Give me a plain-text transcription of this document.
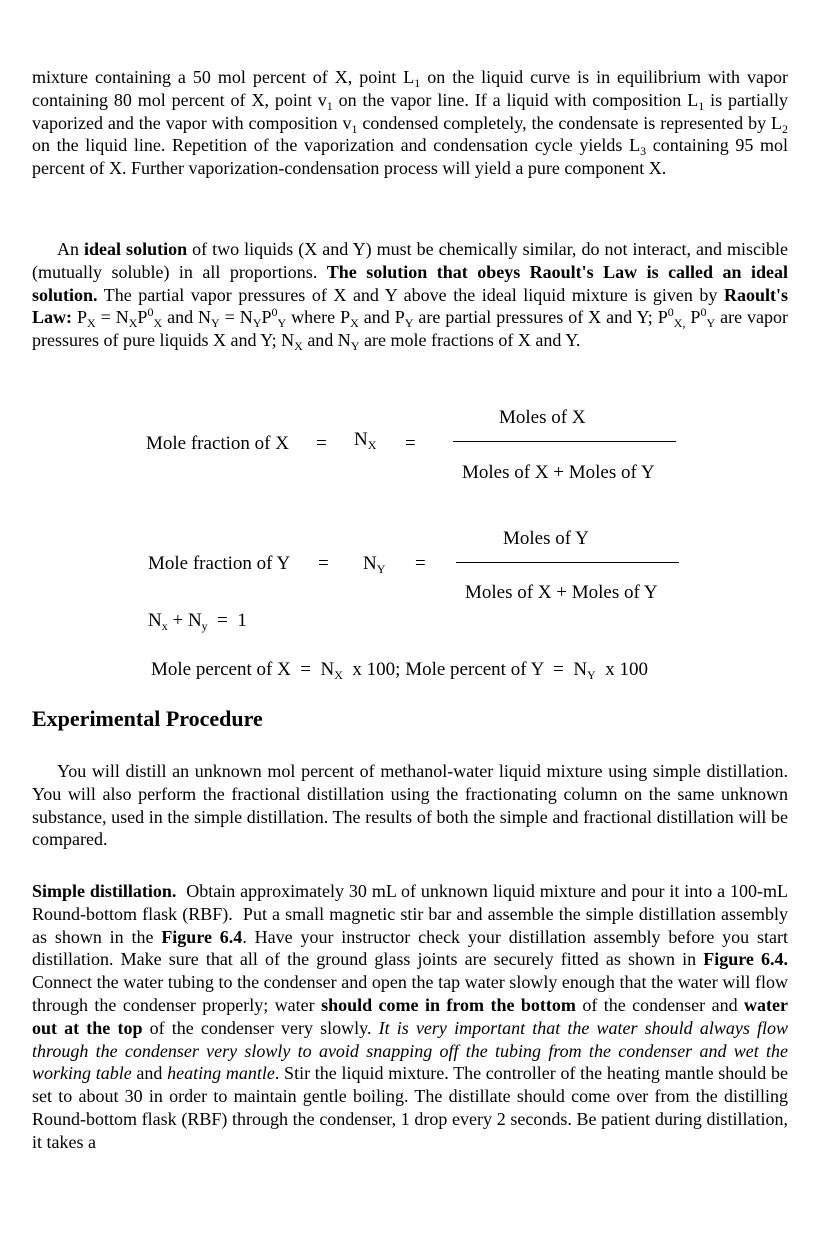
mixture containing a 50 mol percent of X, point $L_1$ on the liquid curve is in equilibrium with vapor containing 80 mol percent of X, point $v_1$ on the vapor line. If a liquid with composition $L_1$ is partially vaporized and the vapor with composition $v_1$ condensed completely, the condensate is represented by $L_2$ on the liquid line. Repetition of the vaporization and condensation cycle yields $L_3$ containing 95 mol percent of X. Further vaporization-condensation process will yield a pure component X.

An ideal solution of two liquids (X and Y) must be chemically similar, do not interact, and miscible (mutually soluble) in all proportions. The solution that obeys Raoult's Law is called an ideal solution. The partial vapor pressures of X and Y above the ideal liquid mixture is given by Raoult's Law: $P_X = N_XP^0_X$ and $N_Y = N_YP^0_Y$ where $P_X$ and $P_Y$ are partial pressures of X and Y; $P^0_{X,}$ $P^0_Y$ are vapor pressures of pure liquids X and Y; $N_X$ and $N_Y$ are mole fractions of X and Y.

Mole fraction of $X = N_X$ =
Moles of X
Moles of X + Moles of Y
Mole fraction of $Y = N_Y$ =
Moles of Y
Moles of X + Moles of Y
$N_x + N_y = 1$
Mole percent of $X = N_X$  x 100; Mole percent of $Y = N_Y$  x 100
Experimental Procedure

You will distill an unknown mol percent of methanol-water liquid mixture using simple distillation. You will also perform the fractional distillation using the fractionating column on the same unknown substance, used in the simple distillation. The results of both the simple and fractional distillation will be compared.

Simple distillation.  Obtain approximately 30 mL of unknown liquid mixture and pour it into a 100-mL Round-bottom flask (RBF).  Put a small magnetic stir bar and assemble the simple distillation assembly as shown in the Figure 6.4. Have your instructor check your distillation assembly before you start distillation. Make sure that all of the ground glass joints are securely fitted as shown in Figure 6.4.  Connect the water tubing to the condenser and open the tap water slowly enough that the water will flow through the condenser properly; water should come in from the bottom of the condenser and water out at the top of the condenser very slowly. It is very important that the water should always flow through the condenser very slowly to avoid snapping off the tubing from the condenser and wet the working table and heating mantle. Stir the liquid mixture. The controller of the heating mantle should be set to about 30 in order to maintain gentle boiling. The distillate should come over from the distilling Round-bottom flask (RBF) through the condenser, 1 drop every 2 seconds. Be patient during distillation, it takes a
